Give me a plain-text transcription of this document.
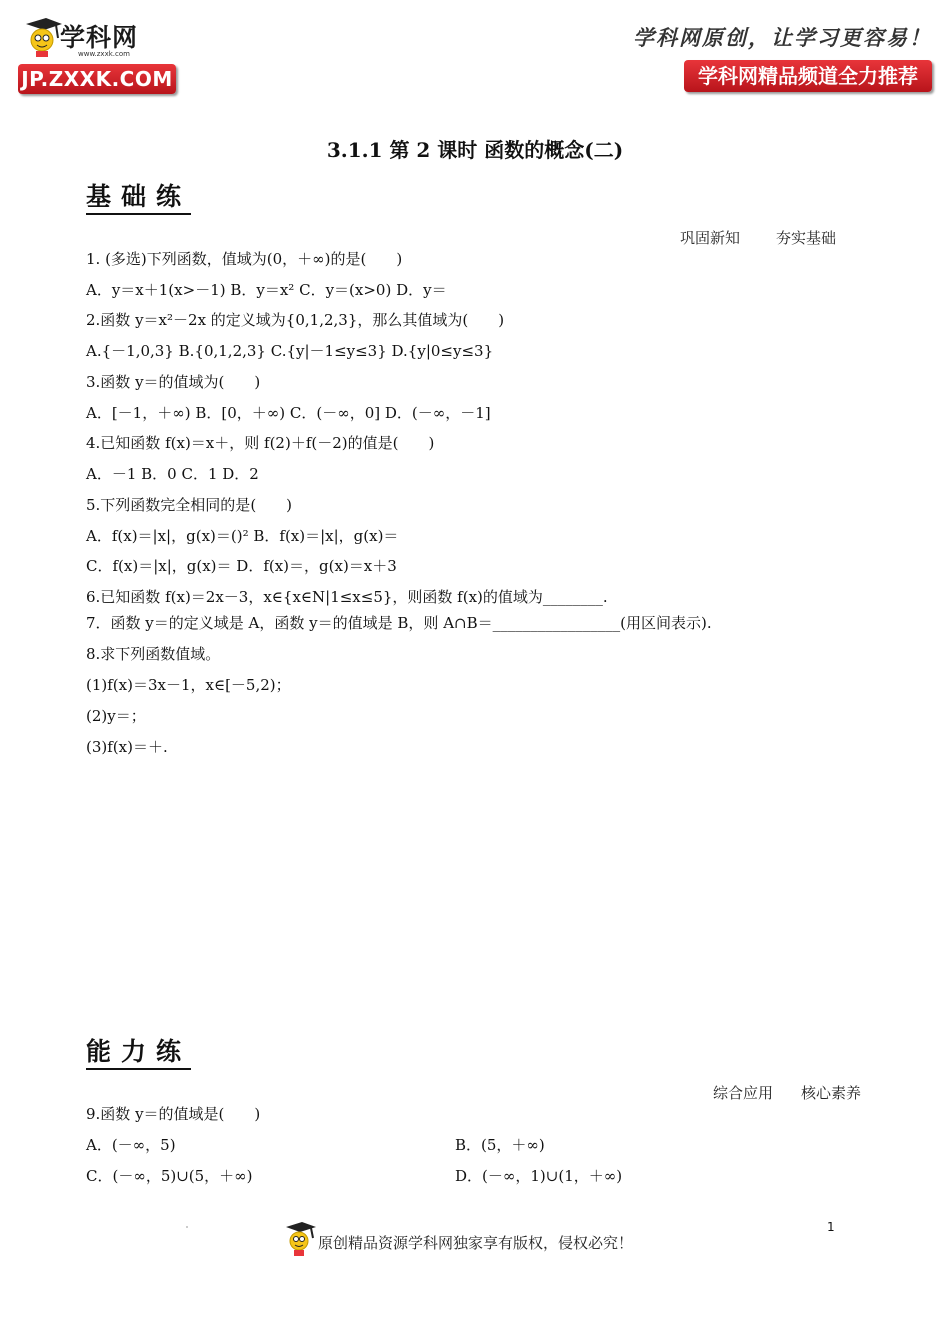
学科网
www.zxxk.com
JP.ZXXK.COM
学科网原创，让学习更容易！
学科网精品频道全力推荐
3.1.1 第 2 课时 函数的概念(二)
基础练
巩固新知 夯实基础
1. (多选)下列函数，值域为(0，＋∞)的是(　　)
A．y＝x＋1(x>－1) B．y＝x² C．y＝(x>0) D．y＝
2.函数 y＝x²－2x 的定义域为{0,1,2,3}，那么其值域为(　　)
A.{－1,0,3} B.{0,1,2,3} C.{y|－1≤y≤3} D.{y|0≤y≤3}
3.函数 y＝的值域为(　　)
A．[－1，＋∞) B．[0，＋∞) C．(－∞，0] D．(－∞，－1]
4.已知函数 f(x)＝x＋，则 f(2)＋f(－2)的值是(　　)
A．－1 B．0 C．1 D．2
5.下列函数完全相同的是(　　)
A．f(x)＝|x|，g(x)＝()² B．f(x)＝|x|，g(x)＝
C．f(x)＝|x|，g(x)＝ D．f(x)＝，g(x)＝x＋3
6.已知函数 f(x)＝2x－3，x∈{x∈N|1≤x≤5}，则函数 f(x)的值域为________.
7．函数 y＝的定义域是 A，函数 y＝的值域是 B，则 A∩B＝_________________(用区间表示).
8.求下列函数值域。
(1)f(x)＝3x－1，x∈[－5,2)；
(2)y＝；
(3)f(x)＝＋.
能力练
综合应用 核心素养
9.函数 y＝的值域是(　　)
A．(－∞，5)	B．(5，＋∞)
C．(－∞，5)∪(5，＋∞)	D．(－∞，1)∪(1，＋∞)
原创精品资源学科网独家享有版权，侵权必究！
1
